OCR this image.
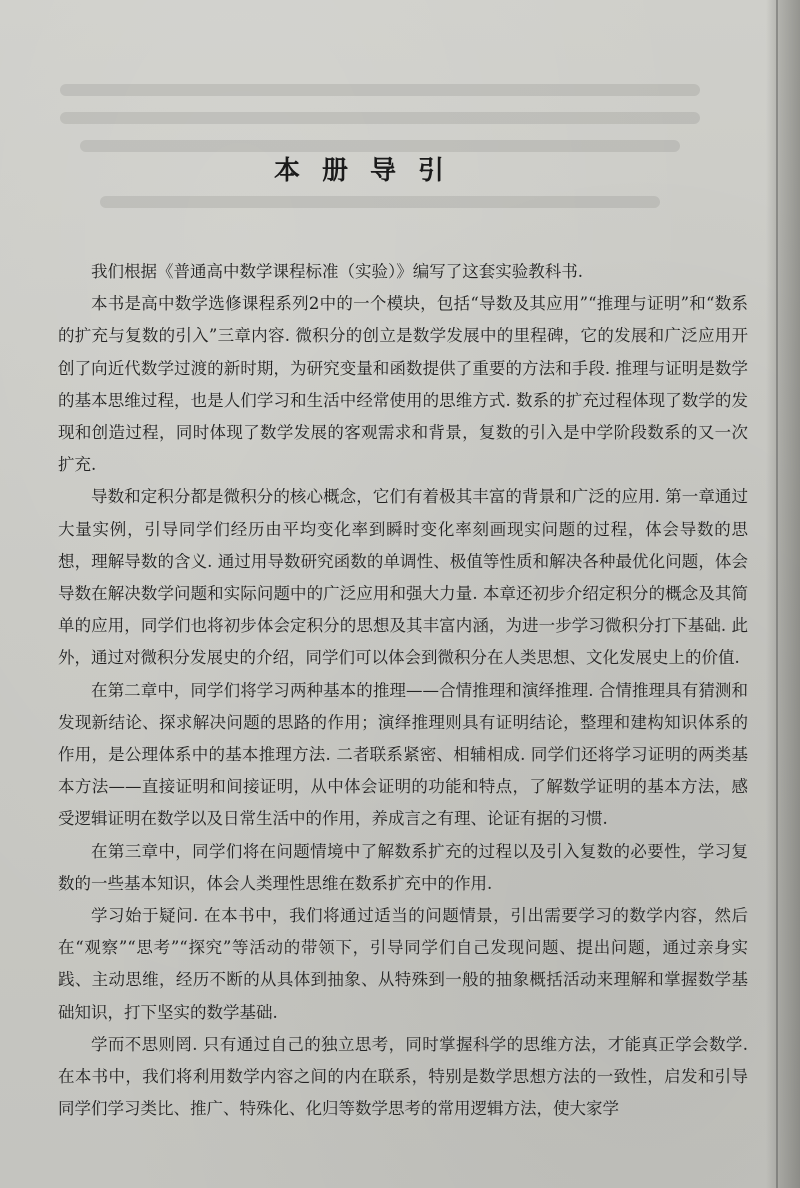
本册导引

我们根据《普通高中数学课程标准（实验）》编写了这套实验教科书.

本书是高中数学选修课程系列2中的一个模块，包括“导数及其应用”“推理与证明”和“数系的扩充与复数的引入”三章内容. 微积分的创立是数学发展中的里程碑，它的发展和广泛应用开创了向近代数学过渡的新时期，为研究变量和函数提供了重要的方法和手段. 推理与证明是数学的基本思维过程，也是人们学习和生活中经常使用的思维方式. 数系的扩充过程体现了数学的发现和创造过程，同时体现了数学发展的客观需求和背景，复数的引入是中学阶段数系的又一次扩充.

导数和定积分都是微积分的核心概念，它们有着极其丰富的背景和广泛的应用. 第一章通过大量实例，引导同学们经历由平均变化率到瞬时变化率刻画现实问题的过程，体会导数的思想，理解导数的含义. 通过用导数研究函数的单调性、极值等性质和解决各种最优化问题，体会导数在解决数学问题和实际问题中的广泛应用和强大力量. 本章还初步介绍定积分的概念及其简单的应用，同学们也将初步体会定积分的思想及其丰富内涵，为进一步学习微积分打下基础. 此外，通过对微积分发展史的介绍，同学们可以体会到微积分在人类思想、文化发展史上的价值.

在第二章中，同学们将学习两种基本的推理——合情推理和演绎推理. 合情推理具有猜测和发现新结论、探求解决问题的思路的作用；演绎推理则具有证明结论，整理和建构知识体系的作用，是公理体系中的基本推理方法. 二者联系紧密、相辅相成. 同学们还将学习证明的两类基本方法——直接证明和间接证明，从中体会证明的功能和特点，了解数学证明的基本方法，感受逻辑证明在数学以及日常生活中的作用，养成言之有理、论证有据的习惯.

在第三章中，同学们将在问题情境中了解数系扩充的过程以及引入复数的必要性，学习复数的一些基本知识，体会人类理性思维在数系扩充中的作用.

学习始于疑问. 在本书中，我们将通过适当的问题情景，引出需要学习的数学内容，然后在“观察”“思考”“探究”等活动的带领下，引导同学们自己发现问题、提出问题，通过亲身实践、主动思维，经历不断的从具体到抽象、从特殊到一般的抽象概括活动来理解和掌握数学基础知识，打下坚实的数学基础.

学而不思则罔. 只有通过自己的独立思考，同时掌握科学的思维方法，才能真正学会数学. 在本书中，我们将利用数学内容之间的内在联系，特别是数学思想方法的一致性，启发和引导同学们学习类比、推广、特殊化、化归等数学思考的常用逻辑方法，使大家学
